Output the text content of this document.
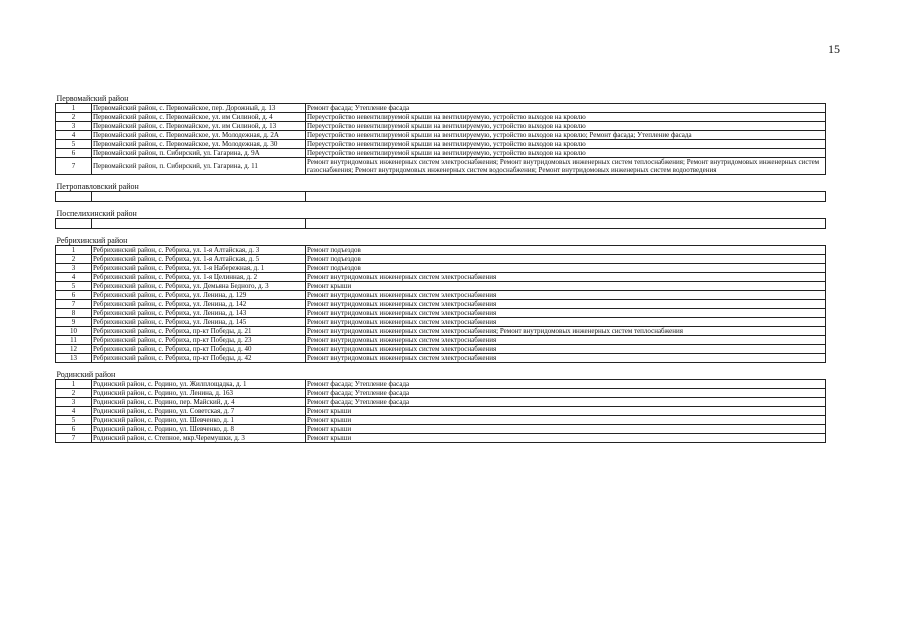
15
Первомайский район		
1	Первомайский район, с. Первомайское, пер. Дорожный, д. 13	Ремонт фасада; Утепление фасада
2	Первомайский район, с. Первомайское, ул. им Силиной, д. 4	Переустройство невентилируемой крыши на вентилируемую, устройство выходов на кровлю
3	Первомайский район, с. Первомайское, ул. им Силиной, д. 13	Переустройство невентилируемой крыши на вентилируемую, устройство выходов на кровлю
4	Первомайский район, с. Первомайское, ул. Молодежная, д. 2А	Переустройство невентилируемой крыши на вентилируемую, устройство выходов на кровлю; Ремонт фасада; Утепление фасада
5	Первомайский район, с. Первомайское, ул. Молодежная, д. 30	Переустройство невентилируемой крыши на вентилируемую, устройство выходов на кровлю
6	Первомайский район, п. Сибирский, ул. Гагарина, д. 9А	Переустройство невентилируемой крыши на вентилируемую, устройство выходов на кровлю
7	Первомайский район, п. Сибирский, ул. Гагарина, д. 11	Ремонт внутридомовых инженерных систем электроснабжения; Ремонт внутридомовых инженерных систем теплоснабжения; Ремонт внутридомовых инженерных систем газоснабжения; Ремонт внутридомовых инженерных систем водоснабжения; Ремонт внутридомовых инженерных систем водоотведения
Петропавловский район		

Поспелихинский район		

Ребрихинский район		
1	Ребрихинский район, с. Ребриха, ул. 1-я Алтайская, д. 3	Ремонт подъездов
2	Ребрихинский район, с. Ребриха, ул. 1-я Алтайская, д. 5	Ремонт подъездов
3	Ребрихинский район, с. Ребриха, ул. 1-я Набережная, д. 1	Ремонт подъездов
4	Ребрихинский район, с. Ребриха, ул. 1-я Целинная, д. 2	Ремонт внутридомовых инженерных систем электроснабжения
5	Ребрихинский район, с. Ребриха, ул. Демьяна Бедного, д. 3	Ремонт крыши
6	Ребрихинский район, с. Ребриха, ул. Ленина, д. 129	Ремонт внутридомовых инженерных систем электроснабжения
7	Ребрихинский район, с. Ребриха, ул. Ленина, д. 142	Ремонт внутридомовых инженерных систем электроснабжения
8	Ребрихинский район, с. Ребриха, ул. Ленина, д. 143	Ремонт внутридомовых инженерных систем электроснабжения
9	Ребрихинский район, с. Ребриха, ул. Ленина, д. 145	Ремонт внутридомовых инженерных систем электроснабжения
10	Ребрихинский район, с. Ребриха, пр-кт Победы, д. 21	Ремонт внутридомовых инженерных систем электроснабжения; Ремонт внутридомовых инженерных систем теплоснабжения
11	Ребрихинский район, с. Ребриха, пр-кт Победы, д. 23	Ремонт внутридомовых инженерных систем электроснабжения
12	Ребрихинский район, с. Ребриха, пр-кт Победы, д. 40	Ремонт внутридомовых инженерных систем электроснабжения
13	Ребрихинский район, с. Ребриха, пр-кт Победы, д. 42	Ремонт внутридомовых инженерных систем электроснабжения
Родинский район		
1	Родинский район, с. Родино, ул. Жилплощадка, д. 1	Ремонт фасада; Утепление фасада
2	Родинский район, с. Родино, ул. Ленина, д. 163	Ремонт фасада; Утепление фасада
3	Родинский район, с. Родино, пер. Майский, д. 4	Ремонт фасада; Утепление фасада
4	Родинский район, с. Родино, ул. Советская, д. 7	Ремонт крыши
5	Родинский район, с. Родино, ул. Шевченко, д. 1	Ремонт крыши
6	Родинский район, с. Родино, ул. Шевченко, д. 8	Ремонт крыши
7	Родинский район, с. Степное, мкр.Черемушки, д. 3	Ремонт крыши
